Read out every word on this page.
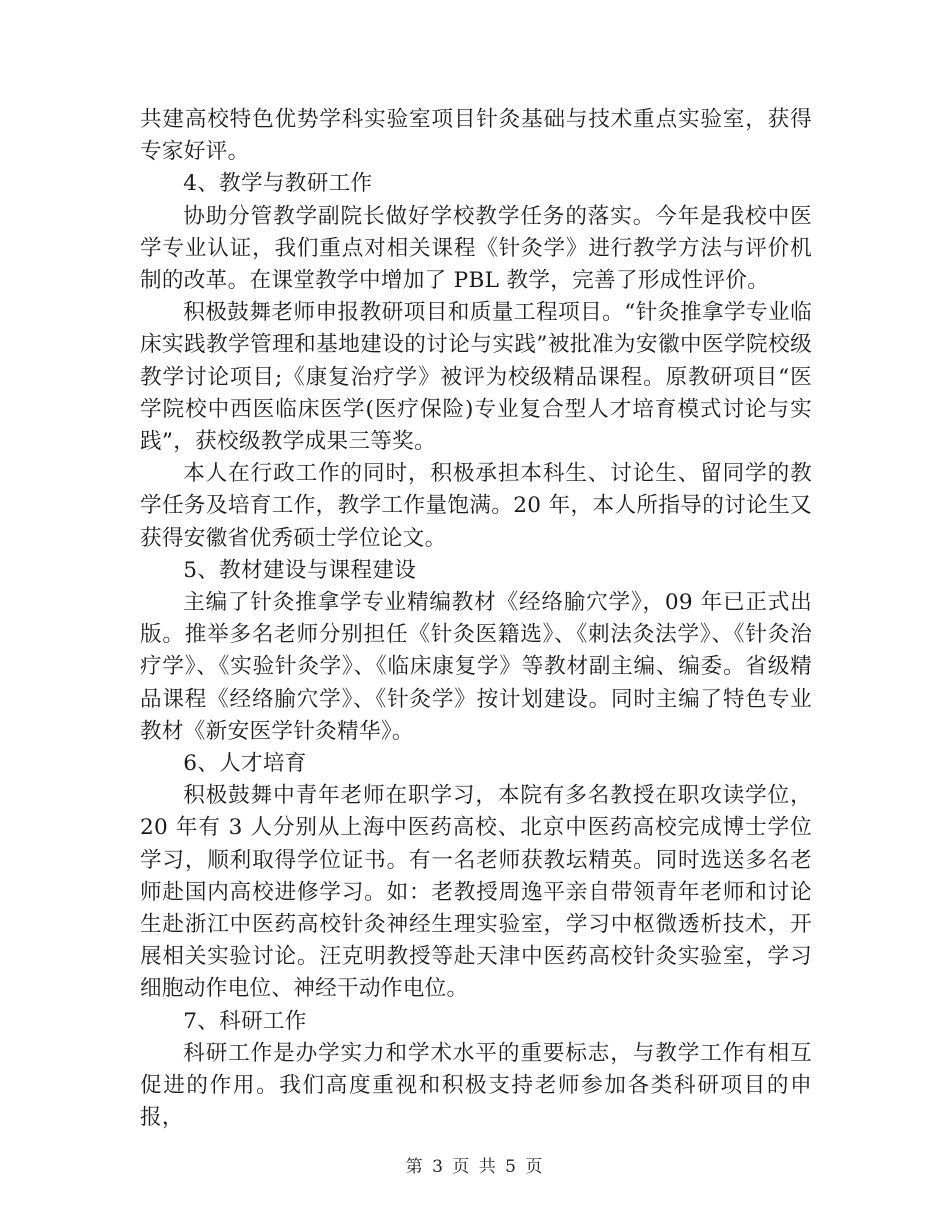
共建高校特色优势学科实验室项目针灸基础与技术重点实验室，获得专家好评。

4、教学与教研工作

协助分管教学副院长做好学校教学任务的落实。今年是我校中医学专业认证，我们重点对相关课程《针灸学》进行教学方法与评价机制的改革。在课堂教学中增加了 PBL 教学，完善了形成性评价。

积极鼓舞老师申报教研项目和质量工程项目。“针灸推拿学专业临床实践教学管理和基地建设的讨论与实践”被批准为安徽中医学院校级教学讨论项目;《康复治疗学》被评为校级精品课程。原教研项目“医学院校中西医临床医学(医疗保险)专业复合型人才培育模式讨论与实践”，获校级教学成果三等奖。

本人在行政工作的同时，积极承担本科生、讨论生、留同学的教学任务及培育工作，教学工作量饱满。20 年，本人所指导的讨论生又获得安徽省优秀硕士学位论文。

5、教材建设与课程建设

主编了针灸推拿学专业精编教材《经络腧穴学》，09 年已正式出版。推举多名老师分别担任《针灸医籍选》、《刺法灸法学》、《针灸治疗学》、《实验针灸学》、《临床康复学》等教材副主编、编委。省级精品课程《经络腧穴学》、《针灸学》按计划建设。同时主编了特色专业教材《新安医学针灸精华》。

6、人才培育

积极鼓舞中青年老师在职学习，本院有多名教授在职攻读学位，20 年有 3 人分别从上海中医药高校、北京中医药高校完成博士学位学习，顺利取得学位证书。有一名老师获教坛精英。同时选送多名老师赴国内高校进修学习。如：老教授周逸平亲自带领青年老师和讨论生赴浙江中医药高校针灸神经生理实验室，学习中枢微透析技术，开展相关实验讨论。汪克明教授等赴天津中医药高校针灸实验室，学习细胞动作电位、神经干动作电位。

7、科研工作

科研工作是办学实力和学术水平的重要标志，与教学工作有相互促进的作用。我们高度重视和积极支持老师参加各类科研项目的申报，

第 3 页 共 5 页
